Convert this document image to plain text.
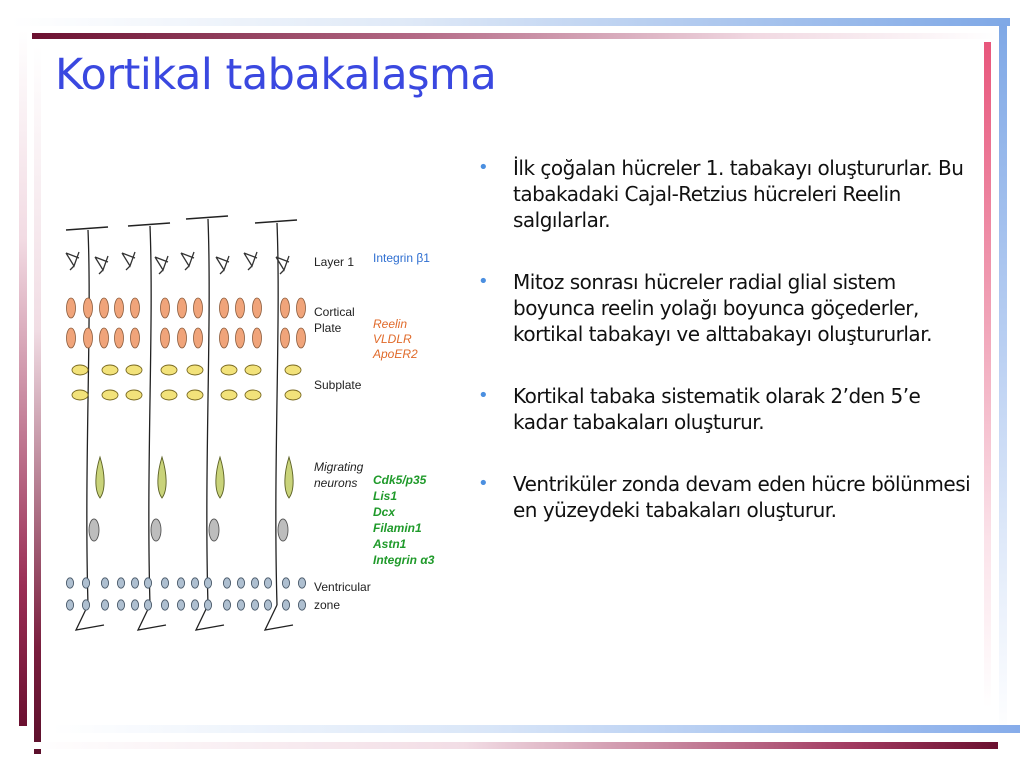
Kortikal tabakalaşma
Layer 1
Cortical Plate
Subplate
Migrating neurons
Ventricular zone
Integrin β1
Reelin VLDLR ApoER2
Cdk5/p35 Lis1 Dcx Filamin1 Astn1 Integrin α3
• İlk çoğalan hücreler 1. tabakayı oluştururlar. Bu tabakadaki Cajal-Retzius hücreleri Reelin salgılarlar.
• Mitoz sonrası hücreler radial glial sistem boyunca reelin yolağı boyunca göçederler, kortikal tabakayı ve alttabakayı oluştururlar.
• Kortikal tabaka sistematik olarak 2’den 5’e kadar tabakaları oluşturur.
• Ventriküler zonda devam eden hücre bölünmesi en yüzeydeki tabakaları oluşturur.
